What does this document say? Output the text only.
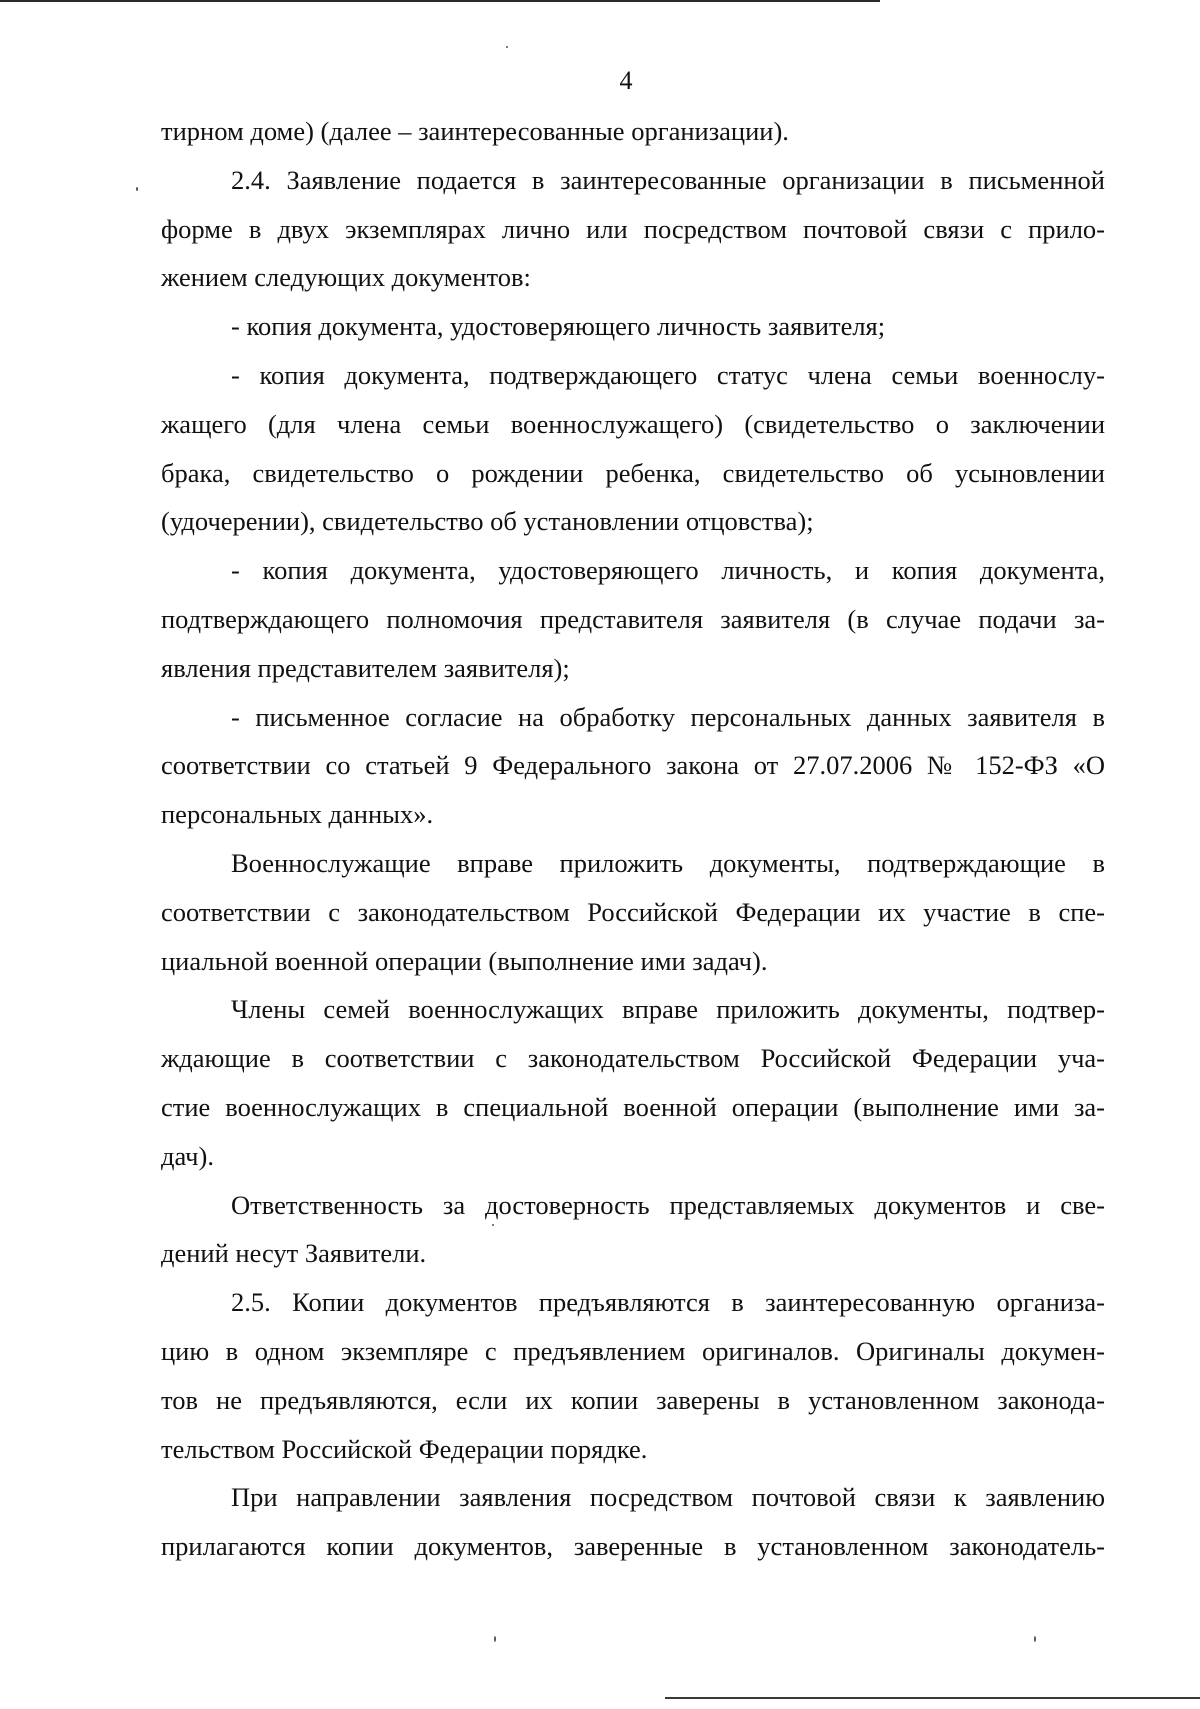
4
тирном доме) (далее – заинтересованные организации).
2.4. Заявление подается в заинтересованные организации в письменной
форме в двух экземплярах лично или посредством почтовой связи с прило-
жением следующих документов:
- копия документа, удостоверяющего личность заявителя;
- копия документа, подтверждающего статус члена семьи военнослу-
жащего (для члена семьи военнослужащего) (свидетельство о заключении
брака, свидетельство о рождении ребенка, свидетельство об усыновлении
(удочерении), свидетельство об установлении отцовства);
- копия документа, удостоверяющего личность, и копия документа,
подтверждающего полномочия представителя заявителя (в случае подачи за-
явления представителем заявителя);
- письменное согласие на обработку персональных данных заявителя в
соответствии со статьей 9 Федерального закона от 27.07.2006 № 152-ФЗ «О
персональных данных».
Военнослужащие вправе приложить документы, подтверждающие в
соответствии с законодательством Российской Федерации их участие в спе-
циальной военной операции (выполнение ими задач).
Члены семей военнослужащих вправе приложить документы, подтвер-
ждающие в соответствии с законодательством Российской Федерации уча-
стие военнослужащих в специальной военной операции (выполнение ими за-
дач).
Ответственность за достоверность представляемых документов и све-
дений несут Заявители.
2.5. Копии документов предъявляются в заинтересованную организа-
цию в одном экземпляре с предъявлением оригиналов. Оригиналы докумен-
тов не предъявляются, если их копии заверены в установленном законода-
тельством Российской Федерации порядке.
При направлении заявления посредством почтовой связи к заявлению
прилагаются копии документов, заверенные в установленном законодатель-
